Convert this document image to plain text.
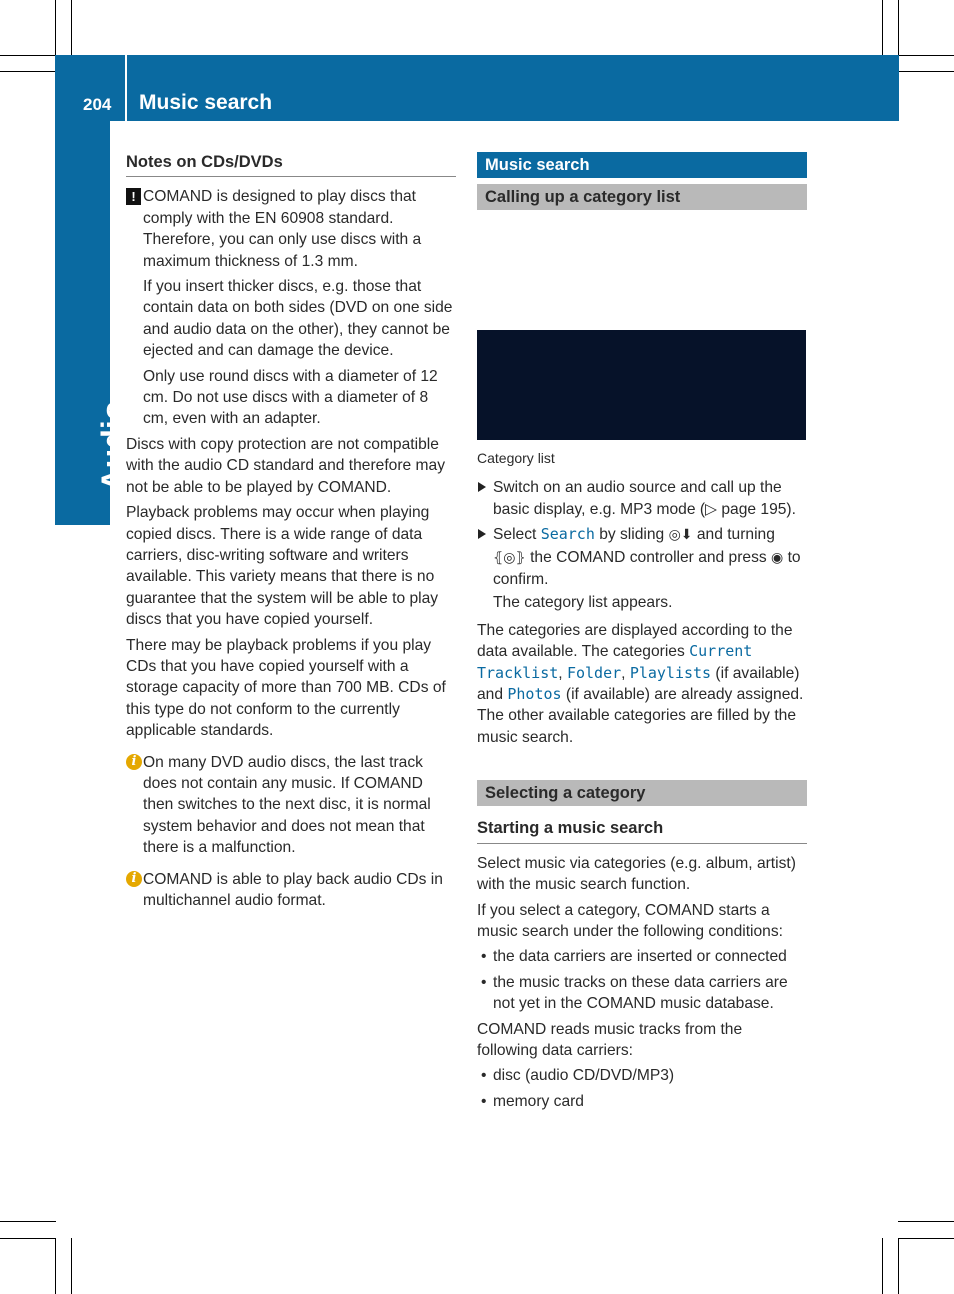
204 Music search
Audio
Notes on CDs/DVDs
! COMAND is designed to play discs that comply with the EN 60908 standard. Therefore, you can only use discs with a maximum thickness of 1.3 mm.

If you insert thicker discs, e.g. those that contain data on both sides (DVD on one side and audio data on the other), they cannot be ejected and can damage the device.

Only use round discs with a diameter of 12 cm. Do not use discs with a diameter of 8 cm, even with an adapter.

Discs with copy protection are not compatible with the audio CD standard and therefore may not be able to be played by COMAND.

Playback problems may occur when playing copied discs. There is a wide range of data carriers, disc-writing software and writers available. This variety means that there is no guarantee that the system will be able to play discs that you have copied yourself.

There may be playback problems if you play CDs that you have copied yourself with a storage capacity of more than 700 MB. CDs of this type do not conform to the currently applicable standards.

i On many DVD audio discs, the last track does not contain any music. If COMAND then switches to the next disc, it is normal system behavior and does not mean that there is a malfunction.

i COMAND is able to play back audio CDs in multichannel audio format.

Music search
Calling up a category list
Category list

Switch on an audio source and call up the basic display, e.g. MP3 mode (▷ page 195).

Select Search by sliding ◎⬇ and turning ⦃◎⦄ the COMAND controller and press ◉ to confirm.

The category list appears.

The categories are displayed according to the data available. The categories Current Tracklist, Folder, Playlists (if available) and Photos (if available) are already assigned. The other available categories are filled by the music search.

Selecting a category
Starting a music search

Select music via categories (e.g. album, artist) with the music search function.

If you select a category, COMAND starts a music search under the following conditions:

• the data carriers are inserted or connected

• the music tracks on these data carriers are not yet in the COMAND music database.

COMAND reads music tracks from the following data carriers:

• disc (audio CD/DVD/MP3)

• memory card
